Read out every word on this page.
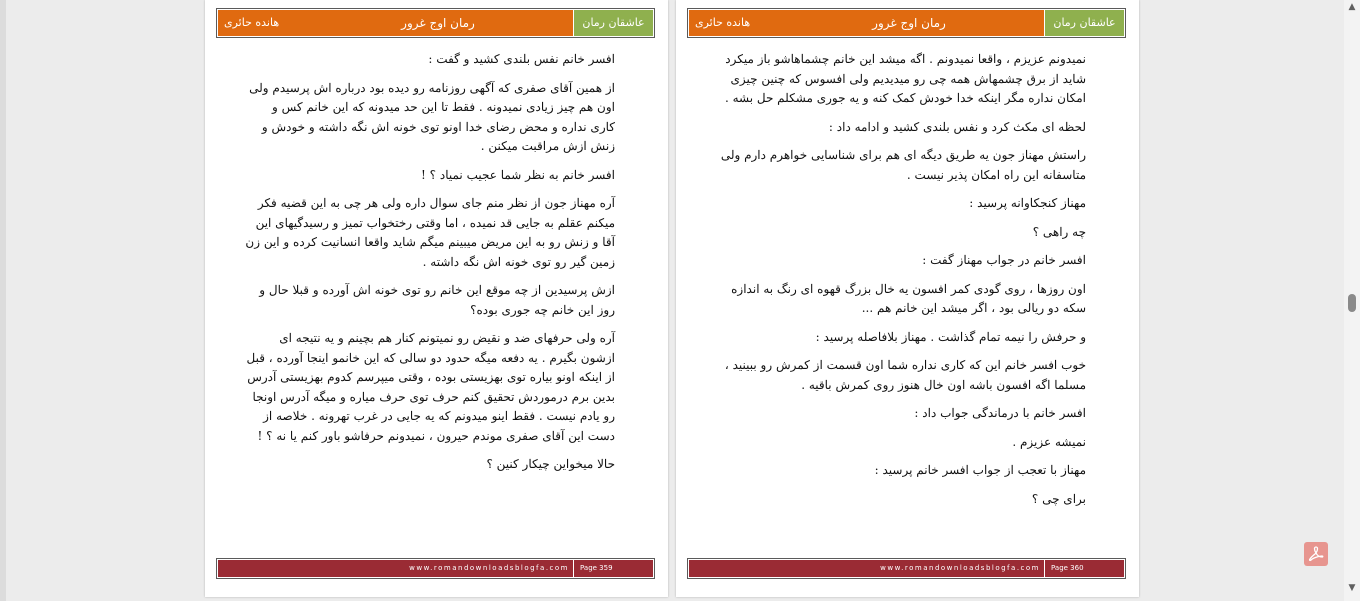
هانده حائری	رمان اوج غرور	عاشقان رمان

افسر خانم نفس بلندی کشید و گفت :

از همین آقای صفری که آگهی روزنامه رو دیده بود درباره اش پرسیدم ولی اون هم چیز زیادی نمیدونه . فقط تا این حد میدونه که این خانم کس و کاری نداره و محض رضای خدا اونو توی خونه اش نگه داشته و خودش و زنش ازش مراقبت میکنن .

افسر خانم به نظر شما عجیب نمیاد ؟ !

آره مهناز جون از نظر منم جای سوال داره ولی هر چی به این قضیه فکر میکنم عقلم به جایی قد نمیده ، اما وقتی رختخواب تمیز و رسیدگیهای این آقا و زنش رو به این مریض میبینم میگم شاید واقعا انسانیت کرده و این زن زمین گیر رو توی خونه اش نگه داشته .

ازش پرسیدین از چه موقع این خانم رو توی خونه اش آورده و قبلا حال و روز این خانم چه جوری بوده؟

آره ولی حرفهای ضد و نقیض رو نمیتونم کنار هم بچینم و یه نتیجه ای ازشون بگیرم . یه دفعه میگه حدود دو سالی که این خانمو اینجا آورده ، قبل از اینکه اونو بیاره توی بهزیستی بوده ، وقتی میپرسم کدوم بهزیستی آدرس بدین برم درموردش تحقیق کنم حرف توی حرف میاره و میگه آدرس اونجا رو یادم نیست . فقط اینو میدونم که یه جایی در غرب تهرونه . خلاصه از دست این آقای صفری موندم حیرون ، نمیدونم حرفاشو باور کنم یا نه ؟ !

حالا میخواین چیکار کنین ؟

www.romandownloadsblogfa.com	Page 359
هانده حائری	رمان اوج غرور	عاشقان رمان

نمیدونم عزیزم ، واقعا نمیدونم . اگه میشد این خانم چشماهاشو باز میکرد شاید از برق چشمهاش همه چی رو میدیدیم ولی افسوس که چنین چیزی امکان نداره مگر اینکه خدا خودش کمک کنه و یه جوری مشکلم حل بشه .

لحظه ای مکث کرد و نفس بلندی کشید و ادامه داد :

راستش مهناز جون یه طریق دیگه ای هم برای شناسایی خواهرم دارم ولی متاسفانه این راه امکان پذیر نیست .

مهناز کنجکاوانه پرسید :

چه راهی ؟

افسر خانم در جواب مهناز گفت :

اون روزها ، روی گودی کمر افسون یه خال بزرگ قهوه ای رنگ به اندازه سکه دو ریالی بود ، اگر میشد این خانم هم ...

و حرفش را نیمه تمام گذاشت . مهناز بلافاصله پرسید :

خوب افسر خانم این که کاری نداره شما اون قسمت از کمرش رو ببینید ، مسلما اگه افسون باشه اون خال هنوز روی کمرش باقیه .

افسر خانم با درماندگی جواب داد :

نمیشه عزیزم .

مهناز با تعجب از جواب افسر خانم پرسید :

برای چی ؟

www.romandownloadsblogfa.com	Page 360
▲
▼
